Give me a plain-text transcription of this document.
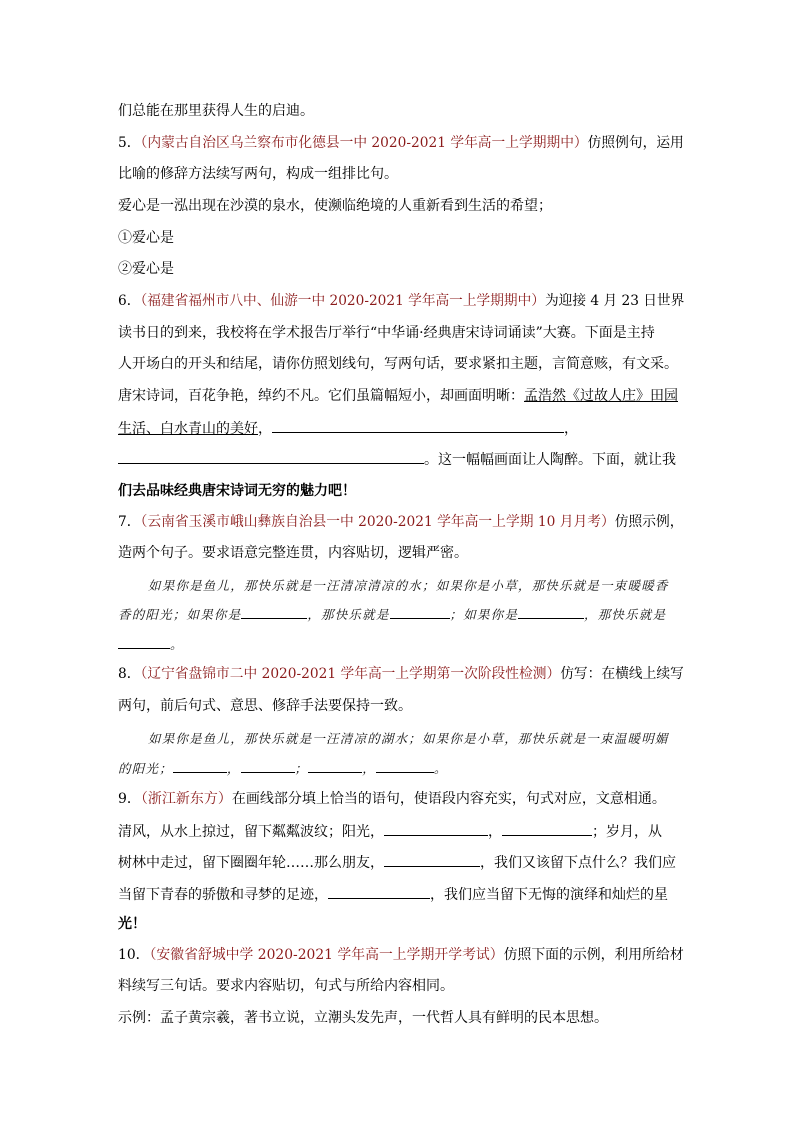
们总能在那里获得人生的启迪。
5．（内蒙古自治区乌兰察布市化德县一中 2020-2021 学年高一上学期期中）仿照例句，运用
比喻的修辞方法续写两句，构成一组排比句。
爱心是一泓出现在沙漠的泉水，使濒临绝境的人重新看到生活的希望；
①爱心是
②爱心是
6．（福建省福州市八中、仙游一中 2020-2021 学年高一上学期期中）为迎接 4 月 23 日世界
读书日的到来，我校将在学术报告厅举行“中华诵·经典唐宋诗词诵读”大赛。下面是主持
人开场白的开头和结尾，请你仿照划线句，写两句话，要求紧扣主题，言简意赅，有文采。
唐宋诗词，百花争艳，绰约不凡。它们虽篇幅短小，却画面明晰：孟浩然《过故人庄》田园
生活、白水青山的美好，	，
。这一幅幅画面让人陶醉。下面，就让我
们去品味经典唐宋诗词无穷的魅力吧！
7．（云南省玉溪市峨山彝族自治县一中 2020-2021 学年高一上学期 10 月月考）仿照示例，
造两个句子。要求语意完整连贯，内容贴切，逻辑严密。
如果你是鱼儿，那快乐就是一汪清凉清凉的水；如果你是小草，那快乐就是一束暖暖香
香的阳光；如果你是	，那快乐就是	；如果你是	，那快乐就是
。
8．（辽宁省盘锦市二中 2020-2021 学年高一上学期第一次阶段性检测）仿写：在横线上续写
两句，前后句式、意思、修辞手法要保持一致。
如果你是鱼儿，那快乐就是一汪清凉的湖水；如果你是小草，那快乐就是一束温暖明媚
的阳光；	，	；	，	。
9．（浙江新东方）在画线部分填上恰当的语句，使语段内容充实，句式对应，文意相通。
清风，从水上掠过，留下粼粼波纹；阳光，	，	；岁月，从
树林中走过，留下圈圈年轮……那么朋友，	，我们又该留下点什么？我们应
当留下青春的骄傲和寻梦的足迹，	，我们应当留下无悔的演绎和灿烂的星
光！
10．（安徽省舒城中学 2020-2021 学年高一上学期开学考试）仿照下面的示例，利用所给材
料续写三句话。要求内容贴切，句式与所给内容相同。
示例：孟子黄宗羲，著书立说，立潮头发先声，一代哲人具有鲜明的民本思想。
